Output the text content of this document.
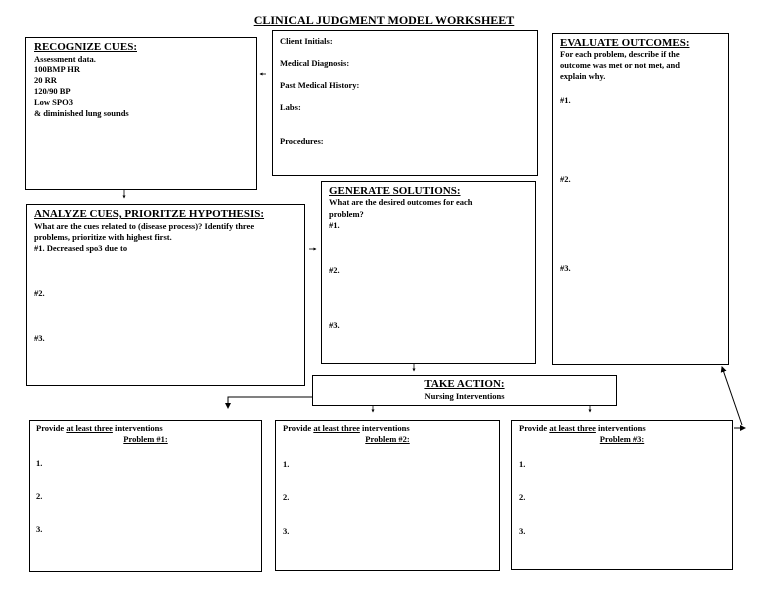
CLINICAL JUDGMENT MODEL WORKSHEET
RECOGNIZE CUES:
Assessment data.
100BMP HR
20 RR
120/90 BP
Low SPO3
& diminished lung sounds
Client Initials:
Medical Diagnosis:
Past Medical History:
Labs:
Procedures:
EVALUATE OUTCOMES:
For each problem, describe if the
outcome was met or not met, and
explain why.
#1.
#2.
#3.
ANALYZE CUES, PRIORITZE HYPOTHESIS:
What are the cues related to (disease process)? Identify three
problems, prioritize with highest first.
#1. Decreased spo3 due to
#2.
#3.
GENERATE SOLUTIONS:
What are the desired outcomes for each
problem?
#1.
#2.
#3.
TAKE ACTION:
Nursing Interventions
Provide at least three interventions
Problem #1:
1.
2.
3.
Provide at least three interventions
Problem #2:
1.
2.
3.
Provide at least three interventions
Problem #3:
1.
2.
3.
